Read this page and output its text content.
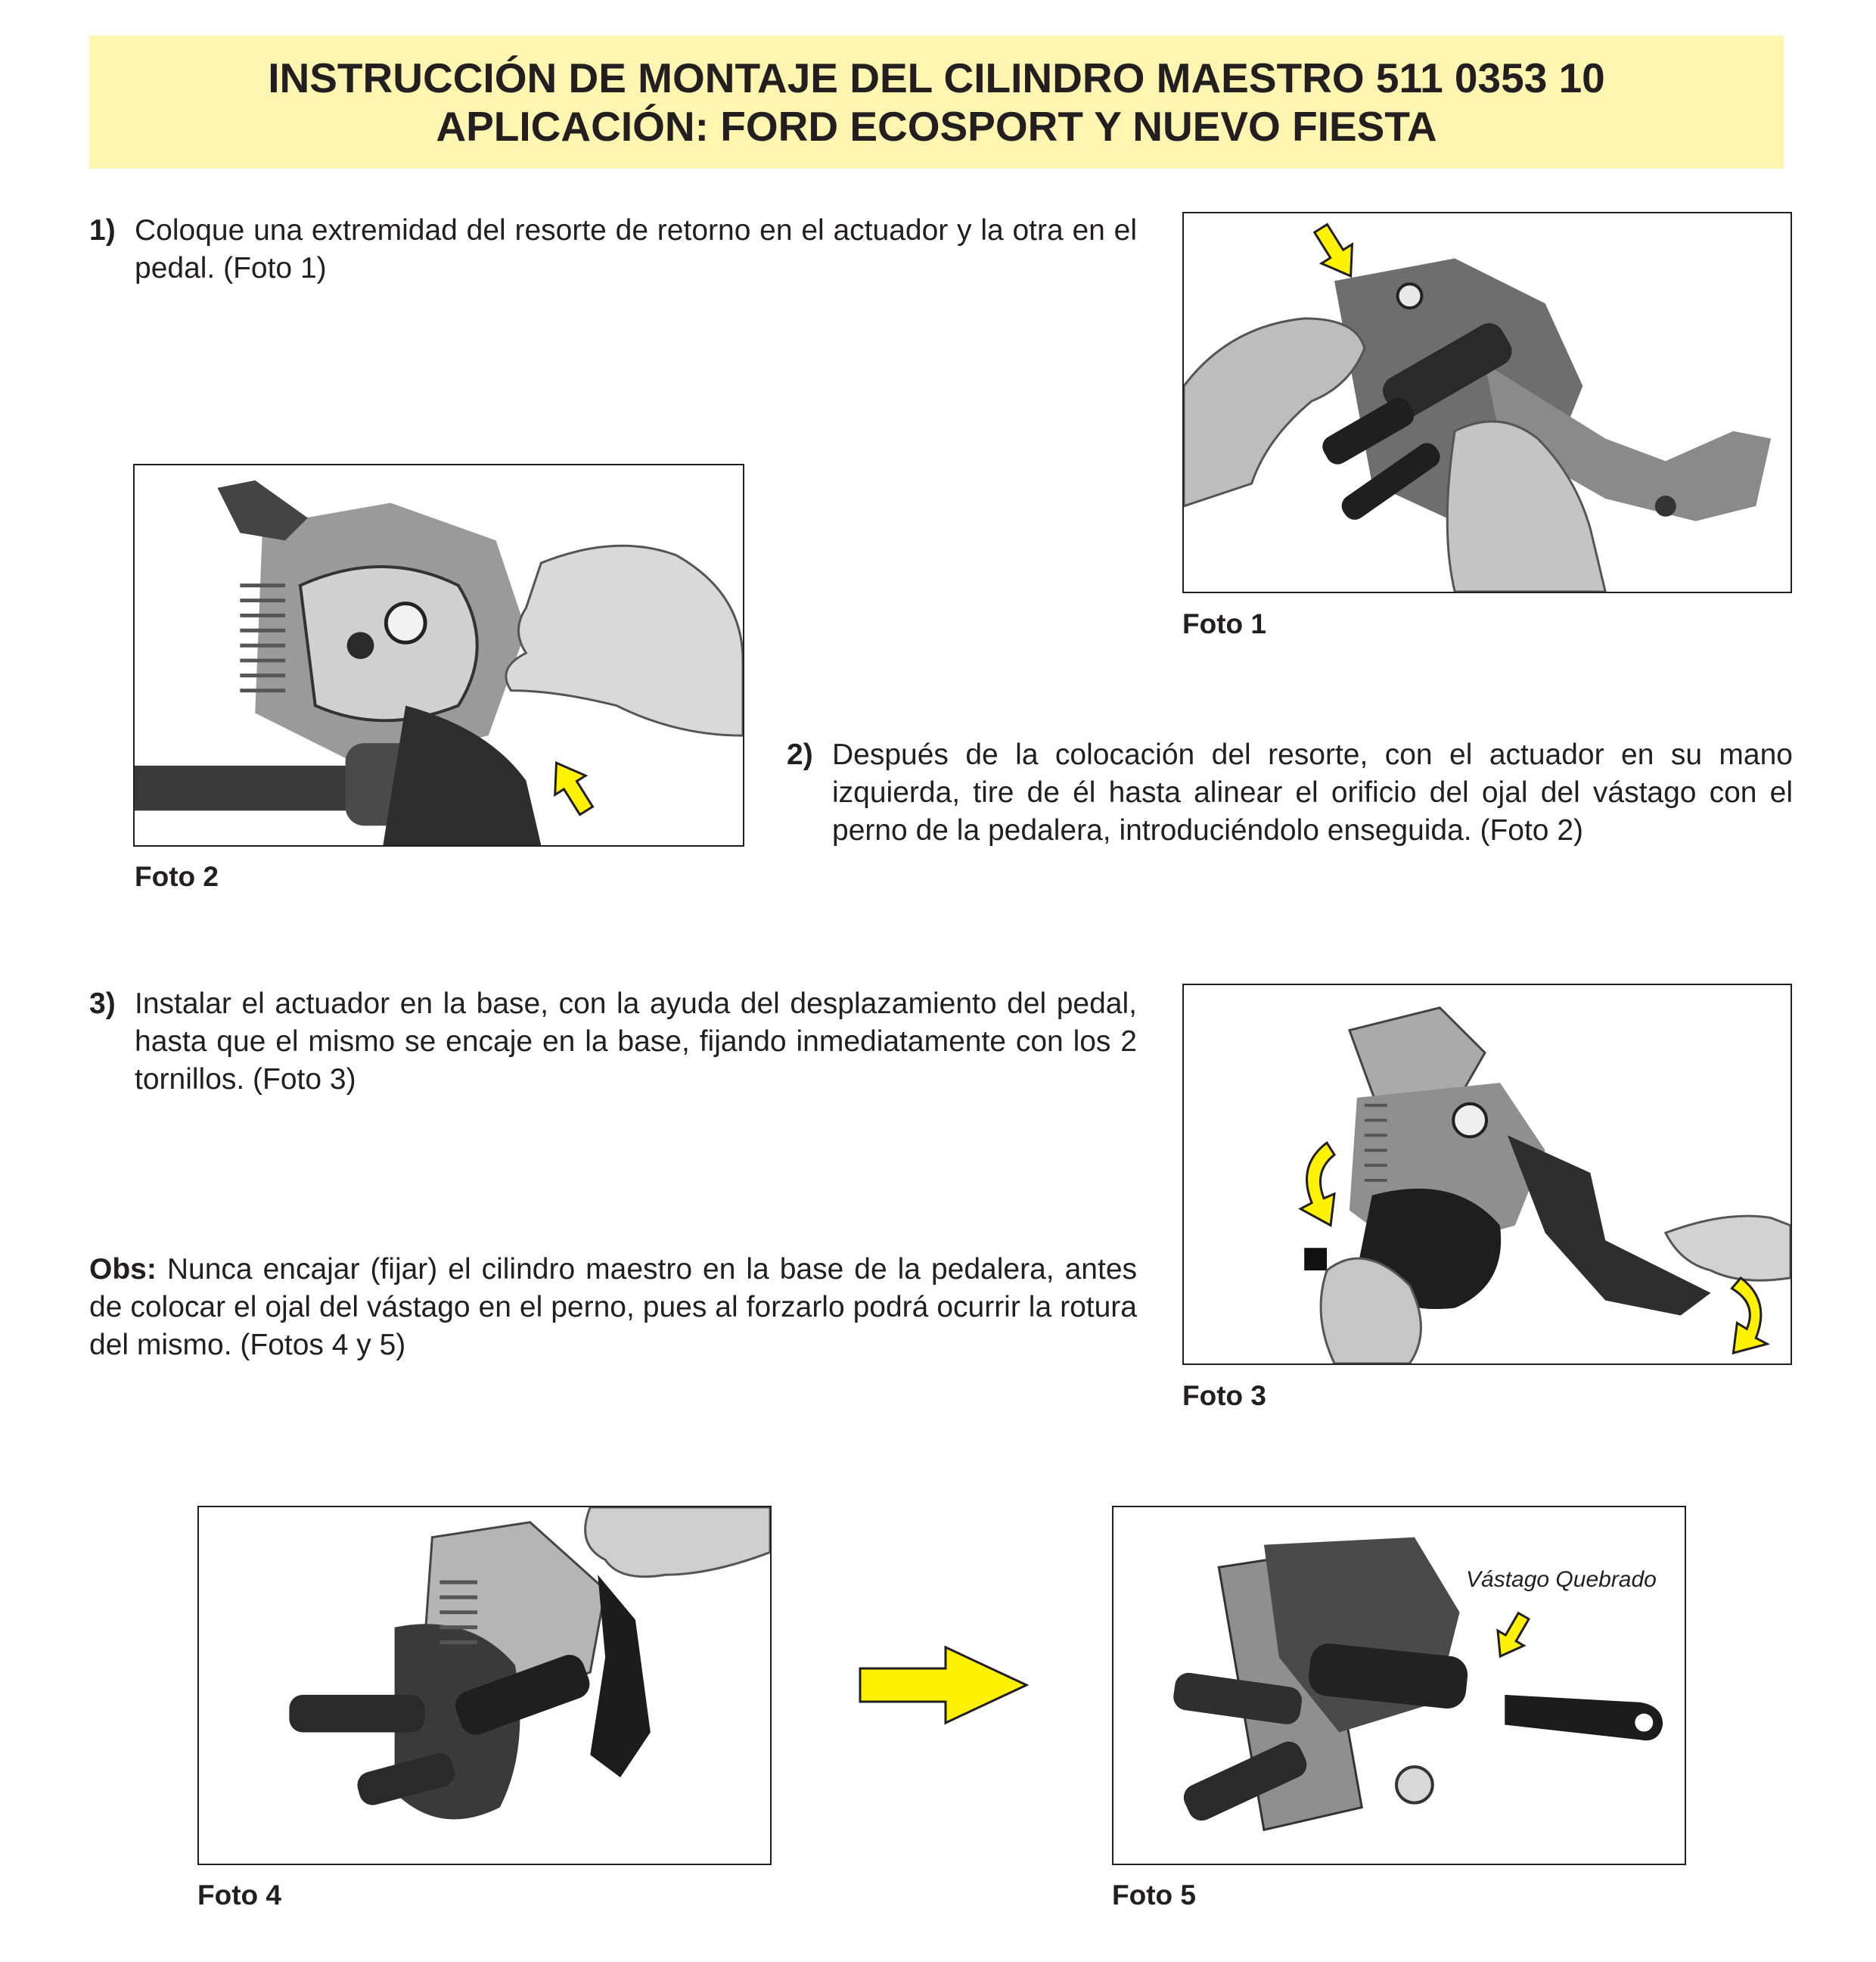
INSTRUCCIÓN DE MONTAJE DEL CILINDRO MAESTRO 511 0353 10
APLICACIÓN: FORD ECOSPORT Y NUEVO FIESTA
1) Coloque una extremidad del resorte de retorno en el actuador y la otra en el pedal. (Foto 1)
Foto 1
Foto 2
2) Después de la colocación del resorte, con el actuador en su mano izquierda, tire de él hasta alinear el orificio del ojal del vástago con el perno de la pedalera, introduciéndolo enseguida. (Foto 2)
3) Instalar el actuador en la base, con la ayuda del desplazamiento del pedal, hasta que el mismo se encaje en la base, fijando inmediatamente con los 2 tornillos. (Foto 3)
Obs: Nunca encajar (fijar) el cilindro maestro en la base de la pedalera, antes de colocar el ojal del vástago en el perno, pues al forzarlo podrá ocurrir la rotura del mismo. (Fotos 4 y 5)
Foto 3
Foto 4
Vástago Quebrado
Foto 5
